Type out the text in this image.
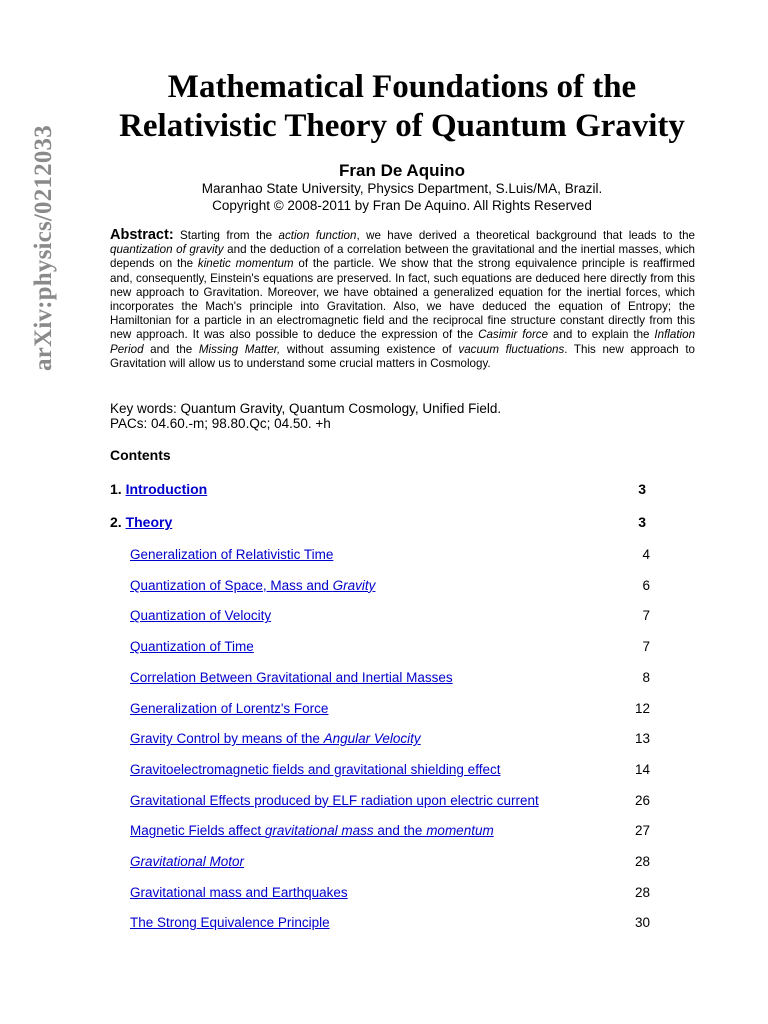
arXiv:physics/0212033
Mathematical Foundations of the
Relativistic Theory of Quantum Gravity
Fran De Aquino
Maranhao State University, Physics Department, S.Luis/MA, Brazil.
Copyright © 2008-2011 by Fran De Aquino. All Rights Reserved
Abstract: Starting from the action function, we have derived a theoretical background that leads to the quantization of gravity and the deduction of a correlation between the gravitational and the inertial masses, which depends on the kinetic momentum of the particle. We show that the strong equivalence principle is reaffirmed and, consequently, Einstein's equations are preserved. In fact, such equations are deduced here directly from this new approach to Gravitation. Moreover, we have obtained a generalized equation for the inertial forces, which incorporates the Mach's principle into Gravitation. Also, we have deduced the equation of Entropy; the Hamiltonian for a particle in an electromagnetic field and the reciprocal fine structure constant directly from this new approach. It was also possible to deduce the expression of the Casimir force and to explain the Inflation Period and the Missing Matter, without assuming existence of vacuum fluctuations. This new approach to Gravitation will allow us to understand some crucial matters in Cosmology.
Key words: Quantum Gravity, Quantum Cosmology, Unified Field.
PACs: 04.60.-m; 98.80.Qc; 04.50. +h
Contents
1. Introduction	3
2. Theory	3
Generalization of Relativistic Time	4
Quantization of Space, Mass and Gravity	6
Quantization of Velocity	7
Quantization of Time	7
Correlation Between Gravitational and Inertial Masses	8
Generalization of Lorentz's Force	12
Gravity Control by means of the Angular Velocity	13
Gravitoelectromagnetic fields and gravitational shielding effect	14
Gravitational Effects produced by ELF radiation upon electric current	26
Magnetic Fields affect gravitational mass and the momentum	27
Gravitational Motor	28
Gravitational mass and Earthquakes	28
The Strong Equivalence Principle	30
